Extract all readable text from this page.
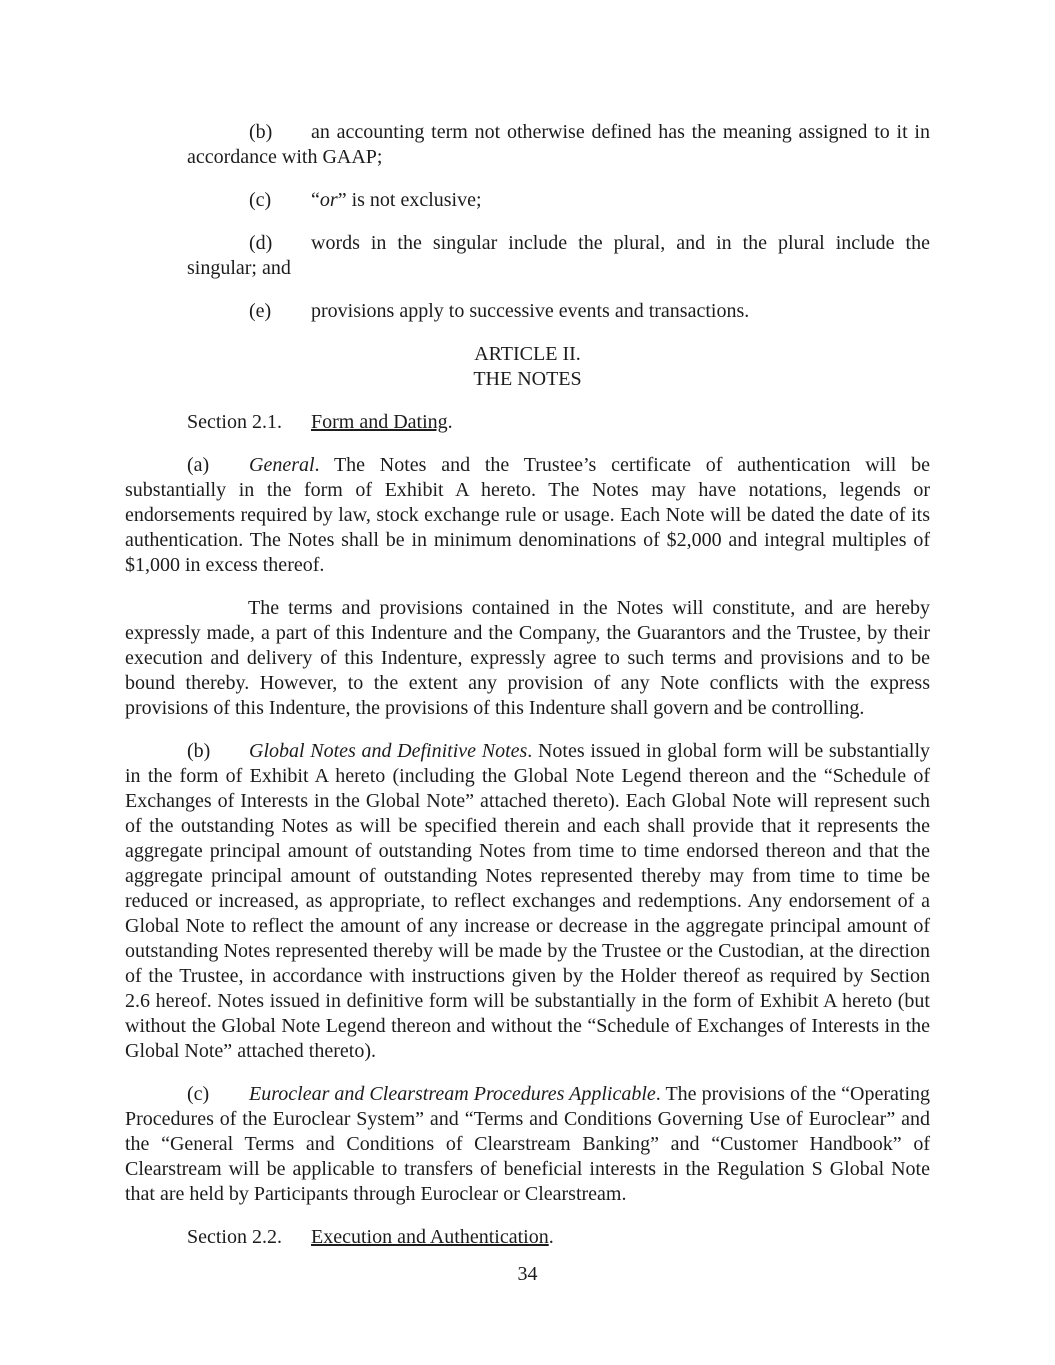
(b) an accounting term not otherwise defined has the meaning assigned to it in accordance with GAAP;

(c) “or” is not exclusive;

(d) words in the singular include the plural, and in the plural include the singular; and

(e) provisions apply to successive events and transactions.

ARTICLE II.

THE NOTES

Section 2.1. Form and Dating.

(a) General. The Notes and the Trustee’s certificate of authentication will be substantially in the form of Exhibit A hereto. The Notes may have notations, legends or endorsements required by law, stock exchange rule or usage. Each Note will be dated the date of its authentication. The Notes shall be in minimum denominations of $2,000 and integral multiples of $1,000 in excess thereof.

The terms and provisions contained in the Notes will constitute, and are hereby expressly made, a part of this Indenture and the Company, the Guarantors and the Trustee, by their execution and delivery of this Indenture, expressly agree to such terms and provisions and to be bound thereby. However, to the extent any provision of any Note conflicts with the express provisions of this Indenture, the provisions of this Indenture shall govern and be controlling.

(b) Global Notes and Definitive Notes. Notes issued in global form will be substantially in the form of Exhibit A hereto (including the Global Note Legend thereon and the “Schedule of Exchanges of Interests in the Global Note” attached thereto). Each Global Note will represent such of the outstanding Notes as will be specified therein and each shall provide that it represents the aggregate principal amount of outstanding Notes from time to time endorsed thereon and that the aggregate principal amount of outstanding Notes represented thereby may from time to time be reduced or increased, as appropriate, to reflect exchanges and redemptions. Any endorsement of a Global Note to reflect the amount of any increase or decrease in the aggregate principal amount of outstanding Notes represented thereby will be made by the Trustee or the Custodian, at the direction of the Trustee, in accordance with instructions given by the Holder thereof as required by Section 2.6 hereof. Notes issued in definitive form will be substantially in the form of Exhibit A hereto (but without the Global Note Legend thereon and without the “Schedule of Exchanges of Interests in the Global Note” attached thereto).

(c) Euroclear and Clearstream Procedures Applicable. The provisions of the “Operating Procedures of the Euroclear System” and “Terms and Conditions Governing Use of Euroclear” and the “General Terms and Conditions of Clearstream Banking” and “Customer Handbook” of Clearstream will be applicable to transfers of beneficial interests in the Regulation S Global Note that are held by Participants through Euroclear or Clearstream.

Section 2.2. Execution and Authentication.

34
